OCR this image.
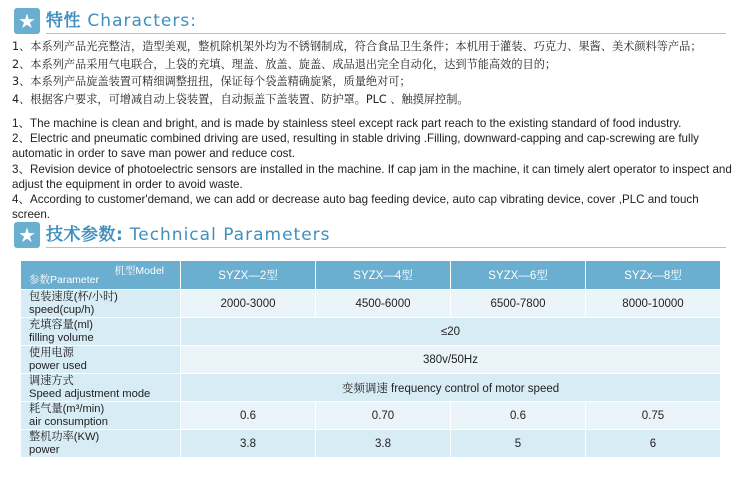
★ 特性 Characters:
1、本系列产品光亮整洁，造型美观，整机除机架外均为不锈钢制成，符合食品卫生条件；本机用于灌装、巧克力、果酱、美术颜料等产品；
2、本系列产品采用气电联合，上袋的充填、理盖、放盖、旋盖、成品退出完全自动化，达到节能高效的目的；
3、本系列产品旋盖装置可精细调整扭扭，保证每个袋盖精确旋紧，质量绝对可；
4、根据客户要求，可增减自动上袋装置，自动振盖下盖装置、防护罩。PLC 、触摸屏控制。
1、The machine is clean and bright, and is made by stainless steel except rack part reach to the existing standard of food industry.
2、Electric and pneumatic combined driving are used, resulting in stable driving .Filling, downward-capping and cap-screwing are fully automatic in order to save man power and reduce cost.
3、Revision device of photoelectric sensors are installed in the machine. If cap jam in the machine, it can timely alert operator to inspect and adjust the equipment in order to avoid waste.
4、According to customer'demand, we can add or decrease auto bag feeding device, auto cap vibrating device, cover ,PLC and touch screen.
★ 技术参数: Technical Parameters
机型Model
参数Parameter	SYZX—2型	SYZX—4型	SYZX—6型	SYZx—8型
包装速度(杯/小时)
speed(cup/h)	2000-3000	4500-6000	6500-7800	8000-10000
充填容量(ml)
filling volume	≤20			
使用电源
power used	380v/50Hz			
调速方式
Speed adjustment mode	变频调速 frequency control of motor speed			
耗气量(m³/min)
air consumption	0.6	0.70	0.6	0.75
整机功率(KW)
power	3.8	3.8	5	6
